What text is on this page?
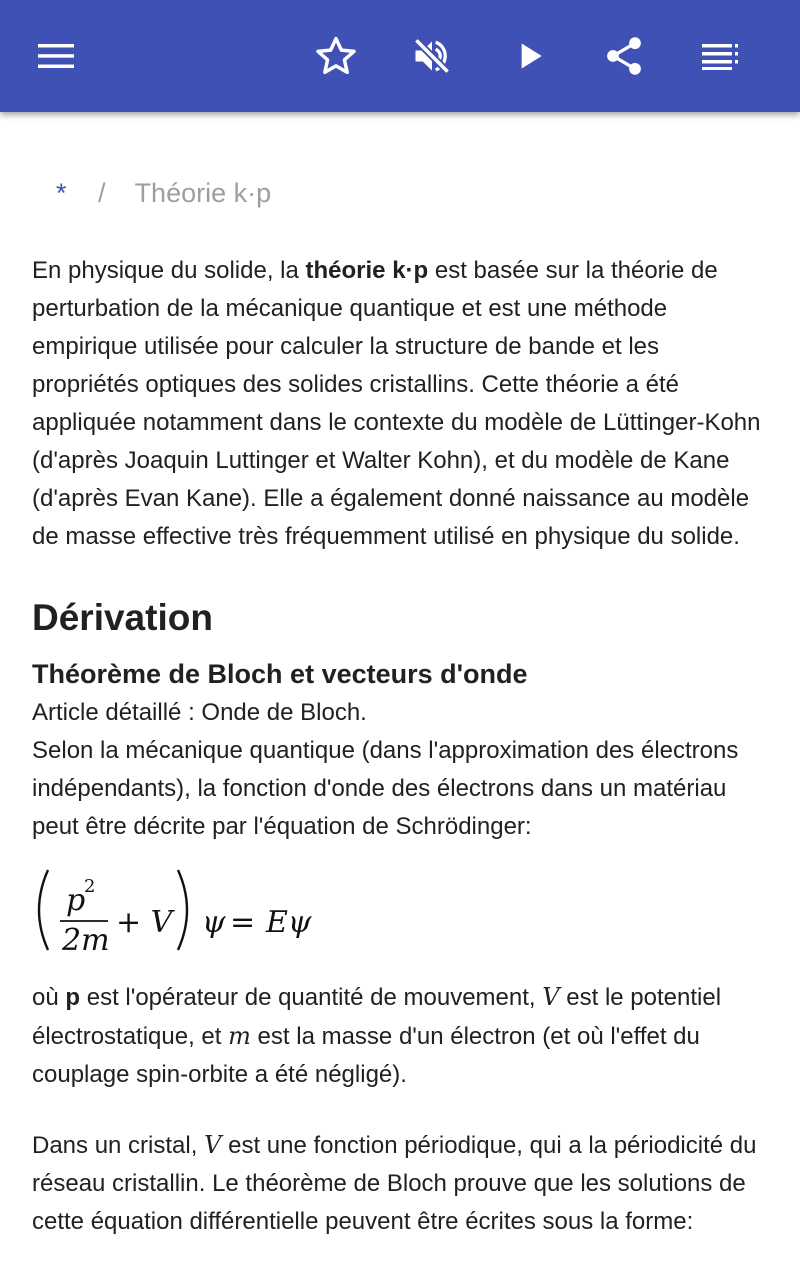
* / Théorie k·p

En physique du solide, la théorie k·p est basée sur la théorie de perturbation de la mécanique quantique et est une méthode empirique utilisée pour calculer la structure de bande et les propriétés optiques des solides cristallins. Cette théorie a été appliquée notamment dans le contexte du modèle de Lüttinger-Kohn (d'après Joaquin Luttinger et Walter Kohn), et du modèle de Kane (d'après Evan Kane). Elle a également donné naissance au modèle de masse effective très fréquemment utilisé en physique du solide.

Dérivation
Théorème de Bloch et vecteurs d'onde

Article détaillé : Onde de Bloch.

Selon la mécanique quantique (dans l'approximation des électrons indépendants), la fonction d'onde des électrons dans un matériau peut être décrite par l'équation de Schrödinger:

p
2
2m
+ V ψ = Eψ

où p est l'opérateur de quantité de mouvement, V est le potentiel électrostatique, et m est la masse d'un électron (et où l'effet du couplage spin-orbite a été négligé).

Dans un cristal, V est une fonction périodique, qui a la périodicité du réseau cristallin. Le théorème de Bloch prouve que les solutions de cette équation différentielle peuvent être écrites sous la forme:
